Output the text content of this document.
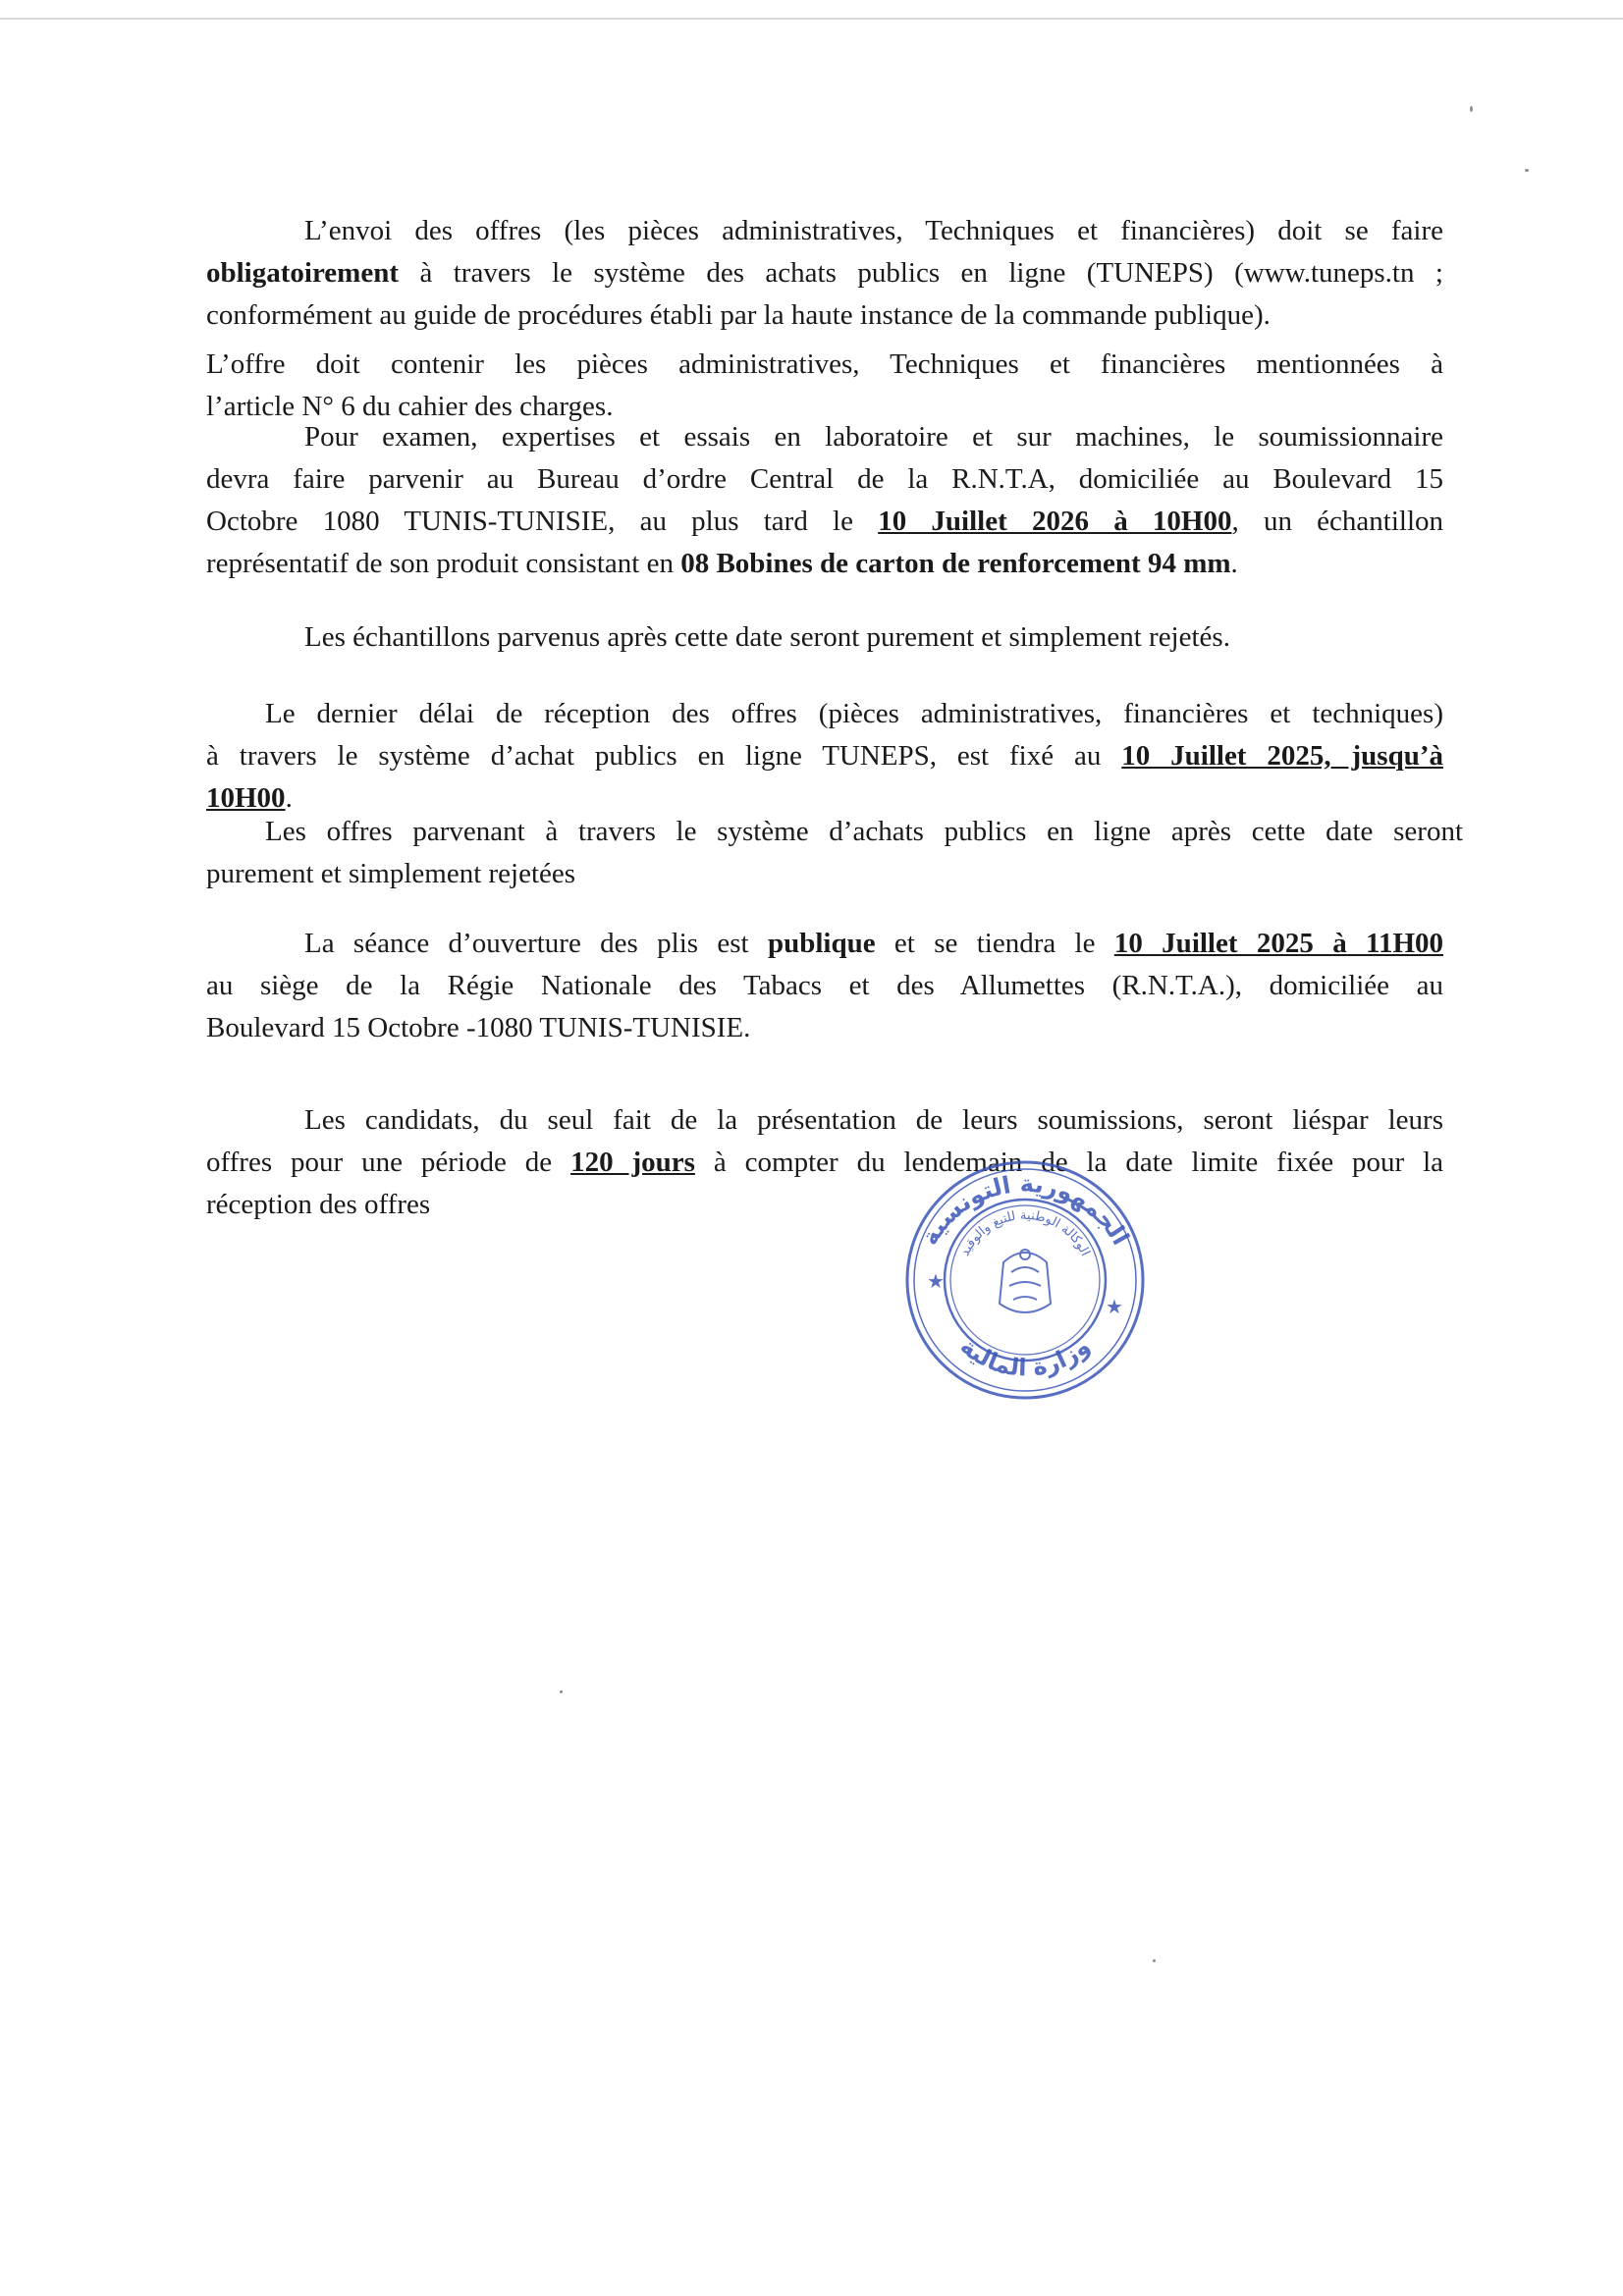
L’envoi des offres (les pièces administratives, Techniques et financières) doit se faire
obligatoirement à travers le système des achats publics en ligne (TUNEPS) (www.tuneps.tn ;
conformément au guide de procédures établi par la haute instance de la commande publique).
L’offre doit contenir les pièces administratives, Techniques et financières mentionnées à
l’article N° 6 du cahier des charges.
Pour examen, expertises et essais en laboratoire et sur machines, le soumissionnaire
devra faire parvenir au Bureau d’ordre Central de la R.N.T.A, domiciliée au Boulevard 15
Octobre 1080 TUNIS-TUNISIE, au plus tard le 10 Juillet 2026 à 10H00, un échantillon
représentatif de son produit consistant en 08 Bobines de carton de renforcement 94 mm.
Les échantillons parvenus après cette date seront purement et simplement rejetés.
Le dernier délai de réception des offres (pièces administratives, financières et techniques)
à travers le système d’achat publics en ligne TUNEPS, est fixé au 10 Juillet 2025, jusqu’à
10H00.
Les offres parvenant à travers le système d’achats publics en ligne après cette date seront
purement et simplement rejetées
La séance d’ouverture des plis est publique et se tiendra le 10 Juillet 2025 à 11H00
au siège de la Régie Nationale des Tabacs et des Allumettes (R.N.T.A.), domiciliée au
Boulevard 15 Octobre -1080 TUNIS-TUNISIE.
Les candidats, du seul fait de la présentation de leurs soumissions, seront liéspar leurs
offres pour une période de 120 jours à compter du lendemain de la date limite fixée pour la
réception des offres
الجمهورية التونسية
وزارة المالية
الوكالة الوطنية للتبغ والوقيد
★
★
